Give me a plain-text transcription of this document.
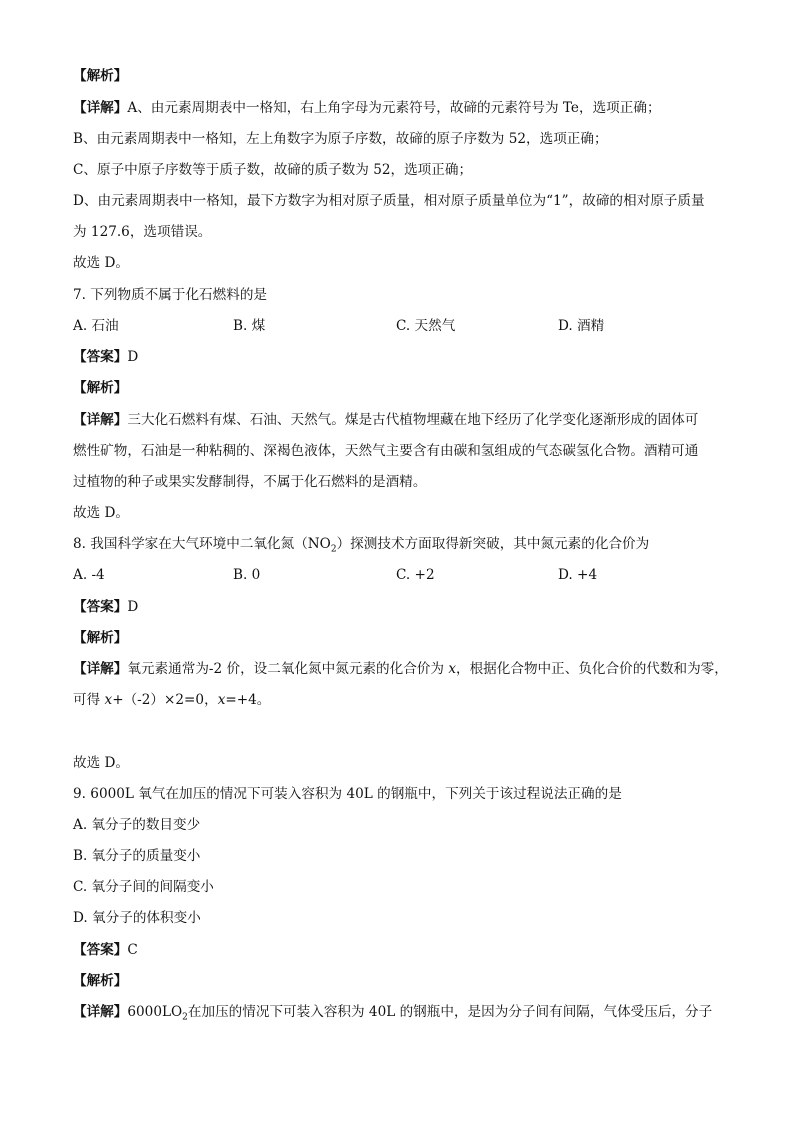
【解析】
【详解】A、由元素周期表中一格知，右上角字母为元素符号，故碲的元素符号为 Te，选项正确；
B、由元素周期表中一格知，左上角数字为原子序数，故碲的原子序数为 52，选项正确；
C、原子中原子序数等于质子数，故碲的质子数为 52，选项正确；
D、由元素周期表中一格知，最下方数字为相对原子质量，相对原子质量单位为“1”，故碲的相对原子质量
为 127.6，选项错误。
故选 D。
7. 下列物质不属于化石燃料的是
A. 石油	B. 煤	C. 天然气	D. 酒精
【答案】D
【解析】
【详解】三大化石燃料有煤、石油、天然气。煤是古代植物埋藏在地下经历了化学变化逐渐形成的固体可
燃性矿物，石油是一种粘稠的、深褐色液体，天然气主要含有由碳和氢组成的气态碳氢化合物。酒精可通
过植物的种子或果实发酵制得，不属于化石燃料的是酒精。
故选 D。
8. 我国科学家在大气环境中二氧化氮$(NO_2)$探测技术方面取得新突破，其中氮元素的化合价为
A. -4	B. 0	C. +2	D. +4
【答案】D
【解析】
【详解】氧元素通常为-2 价，设二氧化氮中氮元素的化合价为 x，根据化合物中正、负化合价的代数和为零，
可得 x+（-2）×2=0，x=+4。
故选 D。
9. 6000L 氧气在加压的情况下可装入容积为 40L 的钢瓶中，下列关于该过程说法正确的是
A. 氧分子的数目变少
B. 氧分子的质量变小
C. 氧分子间的间隔变小
D. 氧分子的体积变小
【答案】C
【解析】
【详解】$6000LO_2$在加压的情况下可装入容积为 40L 的钢瓶中，是因为分子间有间隔，气体受压后，分子
